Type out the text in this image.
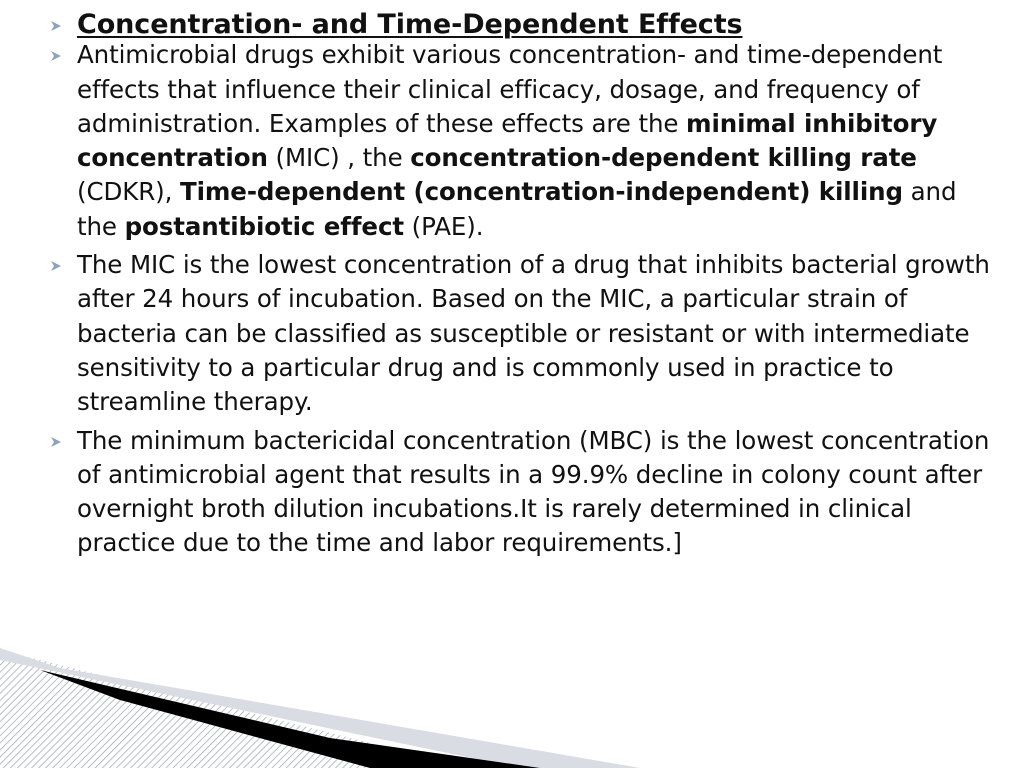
Concentration- and Time-Dependent Effects
Antimicrobial drugs exhibit various concentration- and time-dependent effects that influence their clinical efficacy, dosage, and frequency of administration. Examples of these effects are the minimal inhibitory concentration (MIC) , the concentration-dependent killing rate (CDKR), Time-dependent (concentration-independent) killing and the postantibiotic effect (PAE).
The MIC is the lowest concentration of a drug that inhibits bacterial growth after 24 hours of incubation. Based on the MIC, a particular strain of bacteria can be classified as susceptible or resistant or with intermediate sensitivity to a particular drug and is commonly used in practice to streamline therapy.
The minimum bactericidal concentration (MBC) is the lowest concentration of antimicrobial agent that results in a 99.9% decline in colony count after overnight broth dilution incubations.It is rarely determined in clinical practice due to the time and labor requirements.]
